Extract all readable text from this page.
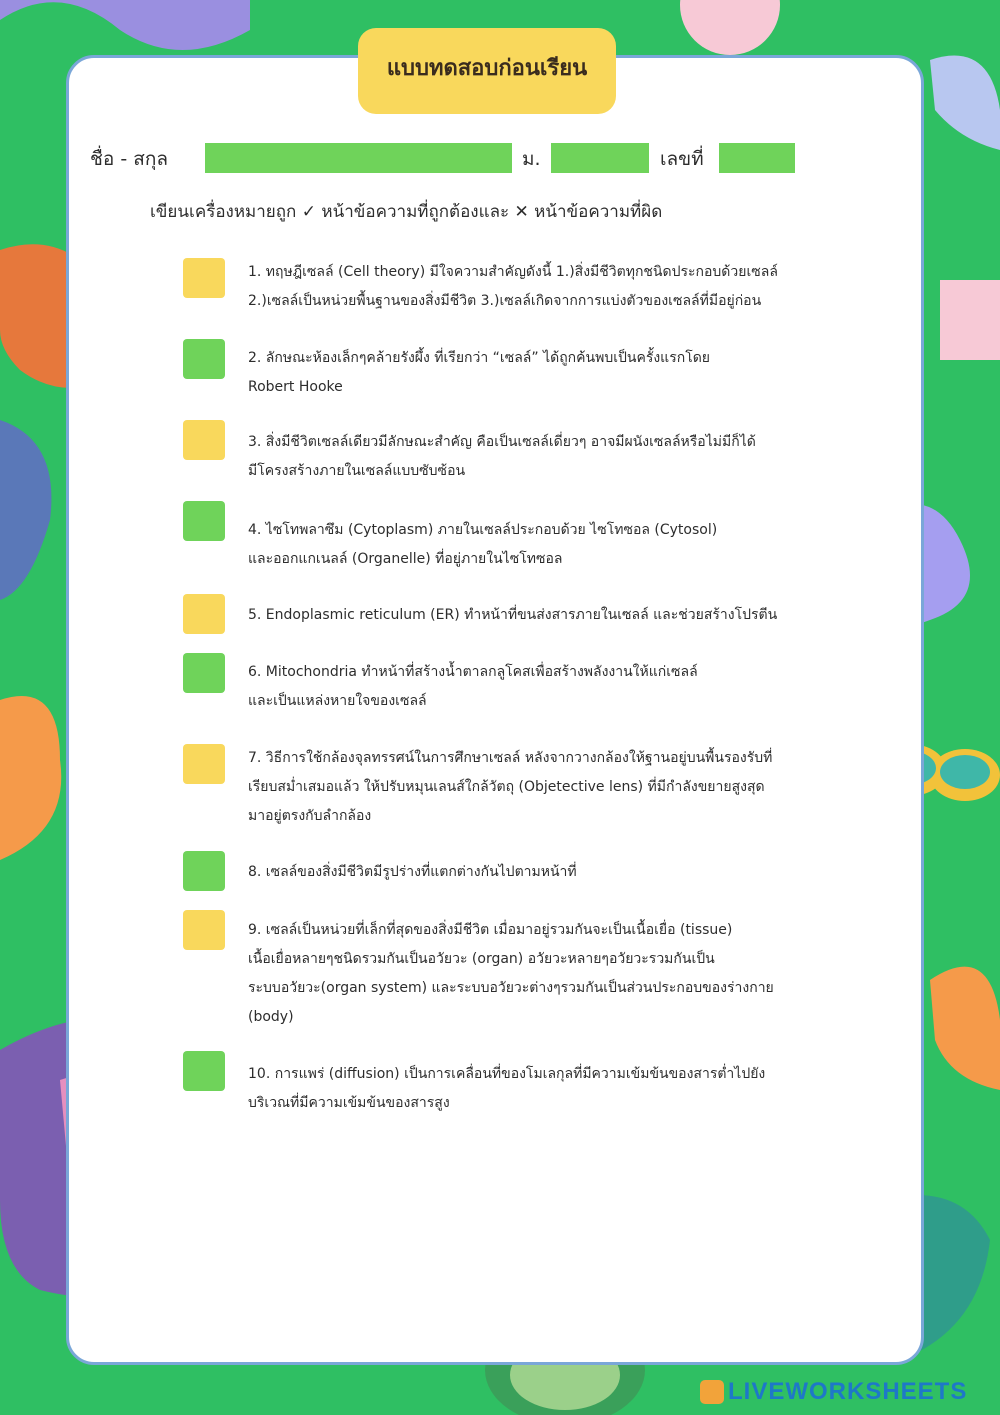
แบบทดสอบก่อนเรียน
ชื่อ - สกุล	ม.	เลขที่
เขียนเครื่องหมายถูก ✓ หน้าข้อความที่ถูกต้องและ ✕ หน้าข้อความที่ผิด
1. ทฤษฎีเซลล์ (Cell theory) มีใจความสำคัญดังนี้ 1.)สิ่งมีชีวิตทุกชนิดประกอบด้วยเซลล์
2.)เซลล์เป็นหน่วยพื้นฐานของสิ่งมีชีวิต 3.)เซลล์เกิดจากการแบ่งตัวของเซลล์ที่มีอยู่ก่อน
2. ลักษณะห้องเล็กๆคล้ายรังผึ้ง ที่เรียกว่า “เซลล์” ได้ถูกค้นพบเป็นครั้งแรกโดย
Robert Hooke
3. สิ่งมีชีวิตเซลล์เดียวมีลักษณะสำคัญ คือเป็นเซลล์เดี่ยวๆ อาจมีผนังเซลล์หรือไม่มีก็ได้
มีโครงสร้างภายในเซลล์แบบซับซ้อน
4. ไซโทพลาซึม (Cytoplasm) ภายในเซลล์ประกอบด้วย ไซโทซอล (Cytosol)
และออกแกเนลล์ (Organelle) ที่อยู่ภายในไซโทซอล
5. Endoplasmic reticulum (ER) ทำหน้าที่ขนส่งสารภายในเซลล์ และช่วยสร้างโปรตีน
6. Mitochondria ทำหน้าที่สร้างน้ำตาลกลูโคสเพื่อสร้างพลังงานให้แก่เซลล์
และเป็นแหล่งหายใจของเซลล์
7. วิธีการใช้กล้องจุลทรรศน์ในการศึกษาเซลล์ หลังจากวางกล้องให้ฐานอยู่บนพื้นรองรับที่
เรียบสม่ำเสมอแล้ว ให้ปรับหมุนเลนส์ใกล้วัตถุ (Objetective lens) ที่มีกำลังขยายสูงสุด
มาอยู่ตรงกับลำกล้อง
8. เซลล์ของสิ่งมีชีวิตมีรูปร่างที่แตกต่างกันไปตามหน้าที่
9. เซลล์เป็นหน่วยที่เล็กที่สุดของสิ่งมีชีวิต เมื่อมาอยู่รวมกันจะเป็นเนื้อเยื่อ (tissue)
เนื้อเยื่อหลายๆชนิดรวมกันเป็นอวัยวะ (organ) อวัยวะหลายๆอวัยวะรวมกันเป็น
ระบบอวัยวะ(organ system) และระบบอวัยวะต่างๆรวมกันเป็นส่วนประกอบของร่างกาย
(body)
10. การแพร่ (diffusion) เป็นการเคลื่อนที่ของโมเลกุลที่มีความเข้มข้นของสารต่ำไปยัง
บริเวณที่มีความเข้มข้นของสารสูง
LIVEWORKSHEETS
